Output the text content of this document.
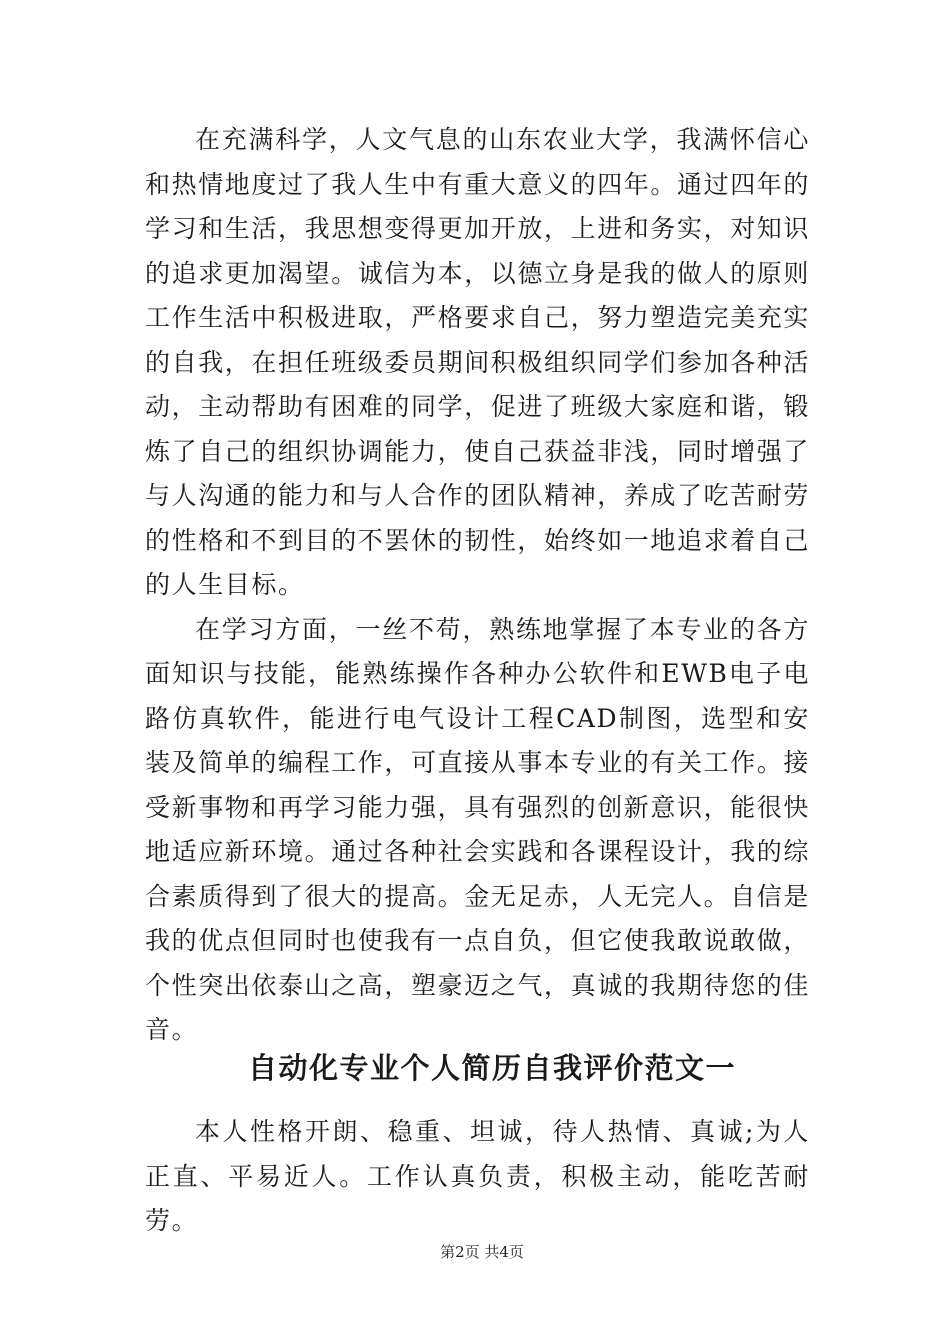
在充满科学，人文气息的山东农业大学，我满怀信心和热情地度过了我人生中有重大意义的四年。通过四年的学习和生活，我思想变得更加开放，上进和务实，对知识的追求更加渴望。诚信为本，以德立身是我的做人的原则工作生活中积极进取，严格要求自己，努力塑造完美充实的自我，在担任班级委员期间积极组织同学们参加各种活动，主动帮助有困难的同学，促进了班级大家庭和谐，锻炼了自己的组织协调能力，使自己获益非浅，同时增强了与人沟通的能力和与人合作的团队精神，养成了吃苦耐劳的性格和不到目的不罢休的韧性，始终如一地追求着自己的人生目标。

在学习方面，一丝不苟，熟练地掌握了本专业的各方面知识与技能，能熟练操作各种办公软件和EWB电子电路仿真软件，能进行电气设计工程CAD制图，选型和安装及简单的编程工作，可直接从事本专业的有关工作。接受新事物和再学习能力强，具有强烈的创新意识，能很快地适应新环境。通过各种社会实践和各课程设计，我的综合素质得到了很大的提高。金无足赤，人无完人。自信是我的优点但同时也使我有一点自负，但它使我敢说敢做，个性突出依泰山之高，塑豪迈之气，真诚的我期待您的佳音。

自动化专业个人简历自我评价范文一

本人性格开朗、稳重、坦诚，待人热情、真诚;为人正直、平易近人。工作认真负责，积极主动，能吃苦耐劳。

第2页 共4页
